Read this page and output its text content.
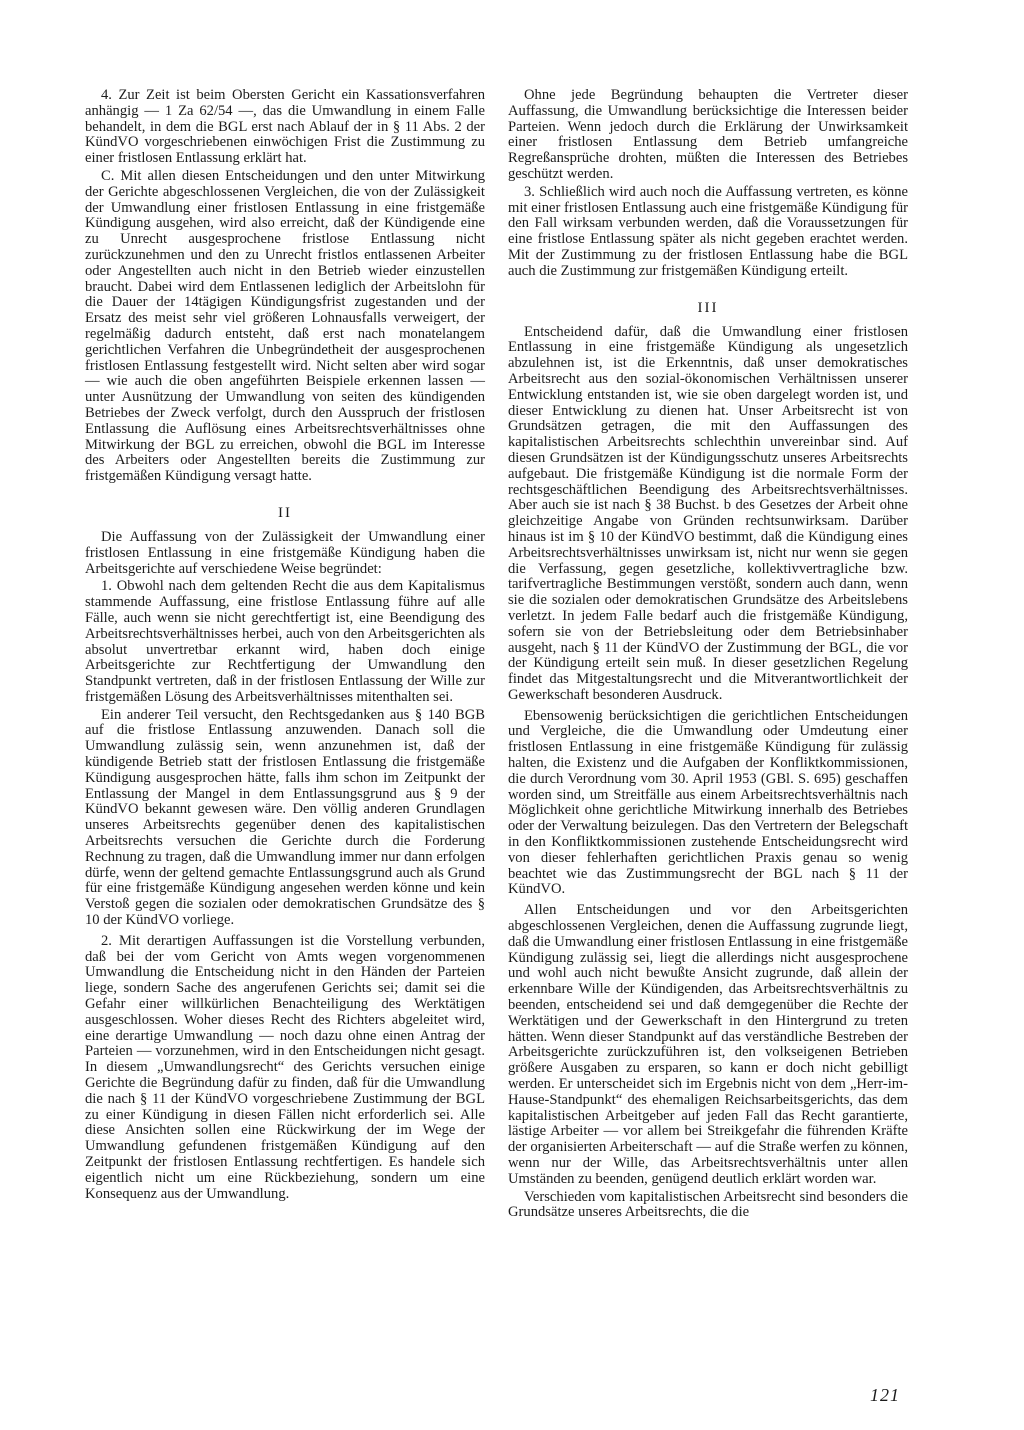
4. Zur Zeit ist beim Obersten Gericht ein Kassationsverfahren anhängig — 1 Za 62/54 —, das die Umwandlung in einem Falle behandelt, in dem die BGL erst nach Ablauf der in § 11 Abs. 2 der KündVO vorgeschriebenen einwöchigen Frist die Zustimmung zu einer fristlosen Entlassung erklärt hat.

C. Mit allen diesen Entscheidungen und den unter Mitwirkung der Gerichte abgeschlossenen Vergleichen, die von der Zulässigkeit der Umwandlung einer fristlosen Entlassung in eine fristgemäße Kündigung ausgehen, wird also erreicht, daß der Kündigende eine zu Unrecht ausgesprochene fristlose Entlassung nicht zurückzunehmen und den zu Unrecht fristlos entlassenen Arbeiter oder Angestellten auch nicht in den Betrieb wieder einzustellen braucht. Dabei wird dem Entlassenen lediglich der Arbeitslohn für die Dauer der 14tägigen Kündigungsfrist zugestanden und der Ersatz des meist sehr viel größeren Lohnausfalls verweigert, der regelmäßig dadurch entsteht, daß erst nach monatelangem gerichtlichen Verfahren die Unbegründetheit der ausgesprochenen fristlosen Entlassung festgestellt wird. Nicht selten aber wird sogar — wie auch die oben angeführten Beispiele erkennen lassen — unter Ausnützung der Umwandlung von seiten des kündigenden Betriebes der Zweck verfolgt, durch den Ausspruch der fristlosen Entlassung die Auflösung eines Arbeitsrechtsverhältnisses ohne Mitwirkung der BGL zu erreichen, obwohl die BGL im Interesse des Arbeiters oder Angestellten bereits die Zustimmung zur fristgemäßen Kündigung versagt hatte.

II

Die Auffassung von der Zulässigkeit der Umwandlung einer fristlosen Entlassung in eine fristgemäße Kündigung haben die Arbeitsgerichte auf verschiedene Weise begründet:

1. Obwohl nach dem geltenden Recht die aus dem Kapitalismus stammende Auffassung, eine fristlose Entlassung führe auf alle Fälle, auch wenn sie nicht gerechtfertigt ist, eine Beendigung des Arbeitsrechtsverhältnisses herbei, auch von den Arbeitsgerichten als absolut unvertretbar erkannt wird, haben doch einige Arbeitsgerichte zur Rechtfertigung der Umwandlung den Standpunkt vertreten, daß in der fristlosen Entlassung der Wille zur fristgemäßen Lösung des Arbeitsverhältnisses mitenthalten sei.

Ein anderer Teil versucht, den Rechtsgedanken aus § 140 BGB auf die fristlose Entlassung anzuwenden. Danach soll die Umwandlung zulässig sein, wenn anzunehmen ist, daß der kündigende Betrieb statt der fristlosen Entlassung die fristgemäße Kündigung ausgesprochen hätte, falls ihm schon im Zeitpunkt der Entlassung der Mangel in dem Entlassungsgrund aus § 9 der KündVO bekannt gewesen wäre. Den völlig anderen Grundlagen unseres Arbeitsrechts gegenüber denen des kapitalistischen Arbeitsrechts versuchen die Gerichte durch die Forderung Rechnung zu tragen, daß die Umwandlung immer nur dann erfolgen dürfe, wenn der geltend gemachte Entlassungsgrund auch als Grund für eine fristgemäße Kündigung angesehen werden könne und kein Verstoß gegen die sozialen oder demokratischen Grundsätze des § 10 der KündVO vorliege.

2. Mit derartigen Auffassungen ist die Vorstellung verbunden, daß bei der vom Gericht von Amts wegen vorgenommenen Umwandlung die Entscheidung nicht in den Händen der Parteien liege, sondern Sache des angerufenen Gerichts sei; damit sei die Gefahr einer willkürlichen Benachteiligung des Werktätigen ausgeschlossen. Woher dieses Recht des Richters abgeleitet wird, eine derartige Umwandlung — noch dazu ohne einen Antrag der Parteien — vorzunehmen, wird in den Entscheidungen nicht gesagt. In diesem „Umwandlungsrecht“ des Gerichts versuchen einige Gerichte die Begründung dafür zu finden, daß für die Umwandlung die nach § 11 der KündVO vorgeschriebene Zustimmung der BGL zu einer Kündigung in diesen Fällen nicht erforderlich sei. Alle diese Ansichten sollen eine Rückwirkung der im Wege der Umwandlung gefundenen fristgemäßen Kündigung auf den Zeitpunkt der fristlosen Entlassung rechtfertigen. Es handele sich eigentlich nicht um eine Rückbeziehung, sondern um eine Konsequenz aus der Umwandlung.

Ohne jede Begründung behaupten die Vertreter dieser Auffassung, die Umwandlung berücksichtige die Interessen beider Parteien. Wenn jedoch durch die Erklärung der Unwirksamkeit einer fristlosen Entlassung dem Betrieb umfangreiche Regreßansprüche drohten, müßten die Interessen des Betriebes geschützt werden.

3. Schließlich wird auch noch die Auffassung vertreten, es könne mit einer fristlosen Entlassung auch eine fristgemäße Kündigung für den Fall wirksam verbunden werden, daß die Voraussetzungen für eine fristlose Entlassung später als nicht gegeben erachtet werden. Mit der Zustimmung zu der fristlosen Entlassung habe die BGL auch die Zustimmung zur fristgemäßen Kündigung erteilt.

III

Entscheidend dafür, daß die Umwandlung einer fristlosen Entlassung in eine fristgemäße Kündigung als ungesetzlich abzulehnen ist, ist die Erkenntnis, daß unser demokratisches Arbeitsrecht aus den sozial-ökonomischen Verhältnissen unserer Entwicklung entstanden ist, wie sie oben dargelegt worden ist, und dieser Entwicklung zu dienen hat. Unser Arbeitsrecht ist von Grundsätzen getragen, die mit den Auffassungen des kapitalistischen Arbeitsrechts schlechthin unvereinbar sind. Auf diesen Grundsätzen ist der Kündigungsschutz unseres Arbeitsrechts aufgebaut. Die fristgemäße Kündigung ist die normale Form der rechtsgeschäftlichen Beendigung des Arbeitsrechtsverhältnisses. Aber auch sie ist nach § 38 Buchst. b des Gesetzes der Arbeit ohne gleichzeitige Angabe von Gründen rechtsunwirksam. Darüber hinaus ist im § 10 der KündVO bestimmt, daß die Kündigung eines Arbeitsrechtsverhältnisses unwirksam ist, nicht nur wenn sie gegen die Verfassung, gegen gesetzliche, kollektivvertragliche bzw. tarifvertragliche Bestimmungen verstößt, sondern auch dann, wenn sie die sozialen oder demokratischen Grundsätze des Arbeitslebens verletzt. In jedem Falle bedarf auch die fristgemäße Kündigung, sofern sie von der Betriebsleitung oder dem Betriebsinhaber ausgeht, nach § 11 der KündVO der Zustimmung der BGL, die vor der Kündigung erteilt sein muß. In dieser gesetzlichen Regelung findet das Mitgestaltungsrecht und die Mitverantwortlichkeit der Gewerkschaft besonderen Ausdruck.

Ebensowenig berücksichtigen die gerichtlichen Entscheidungen und Vergleiche, die die Umwandlung oder Umdeutung einer fristlosen Entlassung in eine fristgemäße Kündigung für zulässig halten, die Existenz und die Aufgaben der Konfliktkommissionen, die durch Verordnung vom 30. April 1953 (GBl. S. 695) geschaffen worden sind, um Streitfälle aus einem Arbeitsrechtsverhältnis nach Möglichkeit ohne gerichtliche Mitwirkung innerhalb des Betriebes oder der Verwaltung beizulegen. Das den Vertretern der Belegschaft in den Konfliktkommissionen zustehende Entscheidungsrecht wird von dieser fehlerhaften gerichtlichen Praxis genau so wenig beachtet wie das Zustimmungsrecht der BGL nach § 11 der KündVO.

Allen Entscheidungen und vor den Arbeitsgerichten abgeschlossenen Vergleichen, denen die Auffassung zugrunde liegt, daß die Umwandlung einer fristlosen Entlassung in eine fristgemäße Kündigung zulässig sei, liegt die allerdings nicht ausgesprochene und wohl auch nicht bewußte Ansicht zugrunde, daß allein der erkennbare Wille der Kündigenden, das Arbeitsrechtsverhältnis zu beenden, entscheidend sei und daß demgegenüber die Rechte der Werktätigen und der Gewerkschaft in den Hintergrund zu treten hätten. Wenn dieser Standpunkt auf das verständliche Bestreben der Arbeitsgerichte zurückzuführen ist, den volkseigenen Betrieben größere Ausgaben zu ersparen, so kann er doch nicht gebilligt werden. Er unterscheidet sich im Ergebnis nicht von dem „Herr-im-Hause-Standpunkt“ des ehemaligen Reichsarbeitsgerichts, das dem kapitalistischen Arbeitgeber auf jeden Fall das Recht garantierte, lästige Arbeiter — vor allem bei Streikgefahr die führenden Kräfte der organisierten Arbeiterschaft — auf die Straße werfen zu können, wenn nur der Wille, das Arbeitsrechtsverhältnis unter allen Umständen zu beenden, genügend deutlich erklärt worden war.

Verschieden vom kapitalistischen Arbeitsrecht sind besonders die Grundsätze unseres Arbeitsrechts, die die

121
